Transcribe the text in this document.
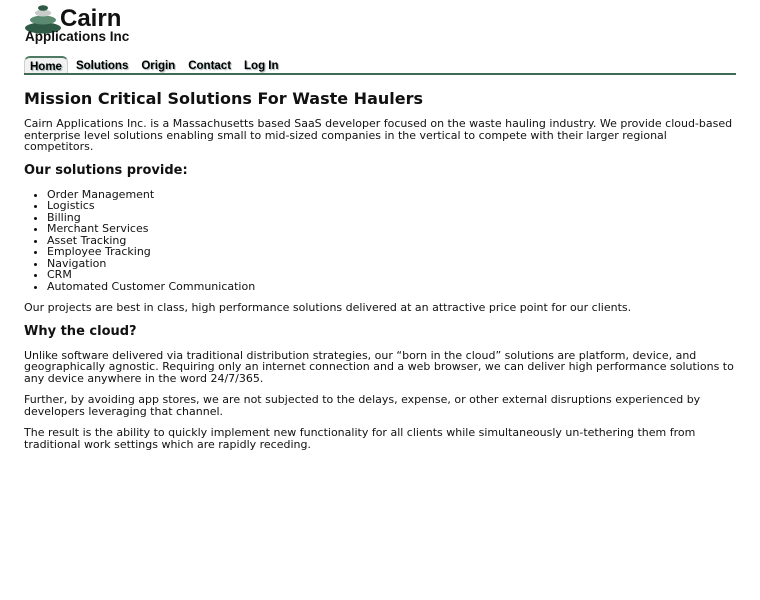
Cairn
Applications Inc
Home	Solutions	Origin	Contact	Log In
Mission Critical Solutions For Waste Haulers

Cairn Applications Inc. is a Massachusetts based SaaS developer focused on the waste hauling industry. We provide cloud-based enterprise level solutions enabling small to mid-sized companies in the vertical to compete with their larger regional competitors.

Our solutions provide:
• Order Management
• Logistics
• Billing
• Merchant Services
• Asset Tracking
• Employee Tracking
• Navigation
• CRM
• Automated Customer Communication

Our projects are best in class, high performance solutions delivered at an attractive price point for our clients.

Why the cloud?

Unlike software delivered via traditional distribution strategies, our “born in the cloud” solutions are platform, device, and geographically agnostic. Requiring only an internet connection and a web browser, we can deliver high performance solutions to any device anywhere in the word 24/7/365.

Further, by avoiding app stores, we are not subjected to the delays, expense, or other external disruptions experienced by developers leveraging that channel.

The result is the ability to quickly implement new functionality for all clients while simultaneously un-tethering them from traditional work settings which are rapidly receding.
